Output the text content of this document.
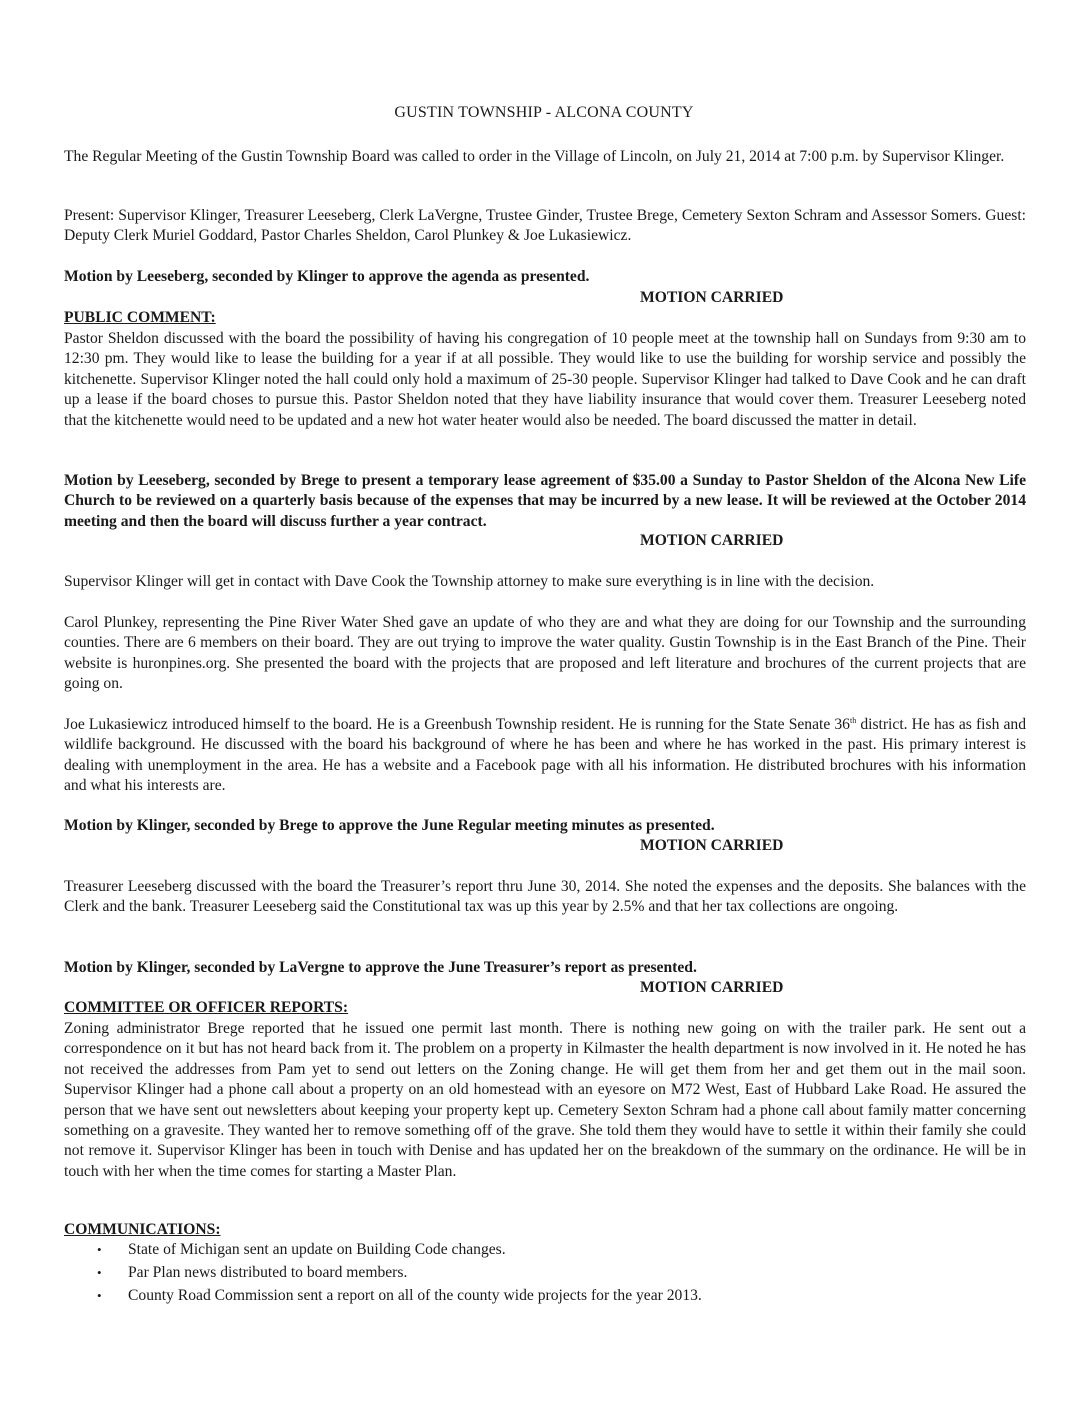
GUSTIN TOWNSHIP - ALCONA COUNTY
The Regular Meeting of the Gustin Township Board was called to order in the Village of Lincoln, on July 21, 2014 at 7:00 p.m. by Supervisor Klinger.
Present: Supervisor Klinger, Treasurer Leeseberg, Clerk LaVergne, Trustee Ginder, Trustee Brege, Cemetery Sexton Schram and Assessor Somers. Guest: Deputy Clerk Muriel Goddard, Pastor Charles Sheldon, Carol Plunkey & Joe Lukasiewicz.
Motion by Leeseberg, seconded by Klinger to approve the agenda as presented.
MOTION CARRIED
PUBLIC COMMENT:
Pastor Sheldon discussed with the board the possibility of having his congregation of 10 people meet at the township hall on Sundays from 9:30 am to 12:30 pm. They would like to lease the building for a year if at all possible. They would like to use the building for worship service and possibly the kitchenette. Supervisor Klinger noted the hall could only hold a maximum of 25-30 people. Supervisor Klinger had talked to Dave Cook and he can draft up a lease if the board choses to pursue this. Pastor Sheldon noted that they have liability insurance that would cover them. Treasurer Leeseberg noted that the kitchenette would need to be updated and a new hot water heater would also be needed. The board discussed the matter in detail.
Motion by Leeseberg, seconded by Brege to present a temporary lease agreement of $35.00 a Sunday to Pastor Sheldon of the Alcona New Life Church to be reviewed on a quarterly basis because of the expenses that may be incurred by a new lease. It will be reviewed at the October 2014 meeting and then the board will discuss further a year contract.
MOTION CARRIED
Supervisor Klinger will get in contact with Dave Cook the Township attorney to make sure everything is in line with the decision.
Carol Plunkey, representing the Pine River Water Shed gave an update of who they are and what they are doing for our Township and the surrounding counties. There are 6 members on their board. They are out trying to improve the water quality. Gustin Township is in the East Branch of the Pine. Their website is huronpines.org. She presented the board with the projects that are proposed and left literature and brochures of the current projects that are going on.
Joe Lukasiewicz introduced himself to the board. He is a Greenbush Township resident. He is running for the State Senate 36th district. He has as fish and wildlife background. He discussed with the board his background of where he has been and where he has worked in the past. His primary interest is dealing with unemployment in the area. He has a website and a Facebook page with all his information. He distributed brochures with his information and what his interests are.
Motion by Klinger, seconded by Brege to approve the June Regular meeting minutes as presented.
MOTION CARRIED
Treasurer Leeseberg discussed with the board the Treasurer’s report thru June 30, 2014. She noted the expenses and the deposits. She balances with the Clerk and the bank. Treasurer Leeseberg said the Constitutional tax was up this year by 2.5% and that her tax collections are ongoing.
Motion by Klinger, seconded by LaVergne to approve the June Treasurer’s report as presented.
MOTION CARRIED
COMMITTEE OR OFFICER REPORTS:
Zoning administrator Brege reported that he issued one permit last month. There is nothing new going on with the trailer park. He sent out a correspondence on it but has not heard back from it. The problem on a property in Kilmaster the health department is now involved in it. He noted he has not received the addresses from Pam yet to send out letters on the Zoning change. He will get them from her and get them out in the mail soon. Supervisor Klinger had a phone call about a property on an old homestead with an eyesore on M72 West, East of Hubbard Lake Road. He assured the person that we have sent out newsletters about keeping your property kept up. Cemetery Sexton Schram had a phone call about family matter concerning something on a gravesite. They wanted her to remove something off of the grave. She told them they would have to settle it within their family she could not remove it. Supervisor Klinger has been in touch with Denise and has updated her on the breakdown of the summary on the ordinance. He will be in touch with her when the time comes for starting a Master Plan.
COMMUNICATIONS:
• State of Michigan sent an update on Building Code changes.
• Par Plan news distributed to board members.
• County Road Commission sent a report on all of the county wide projects for the year 2013.
